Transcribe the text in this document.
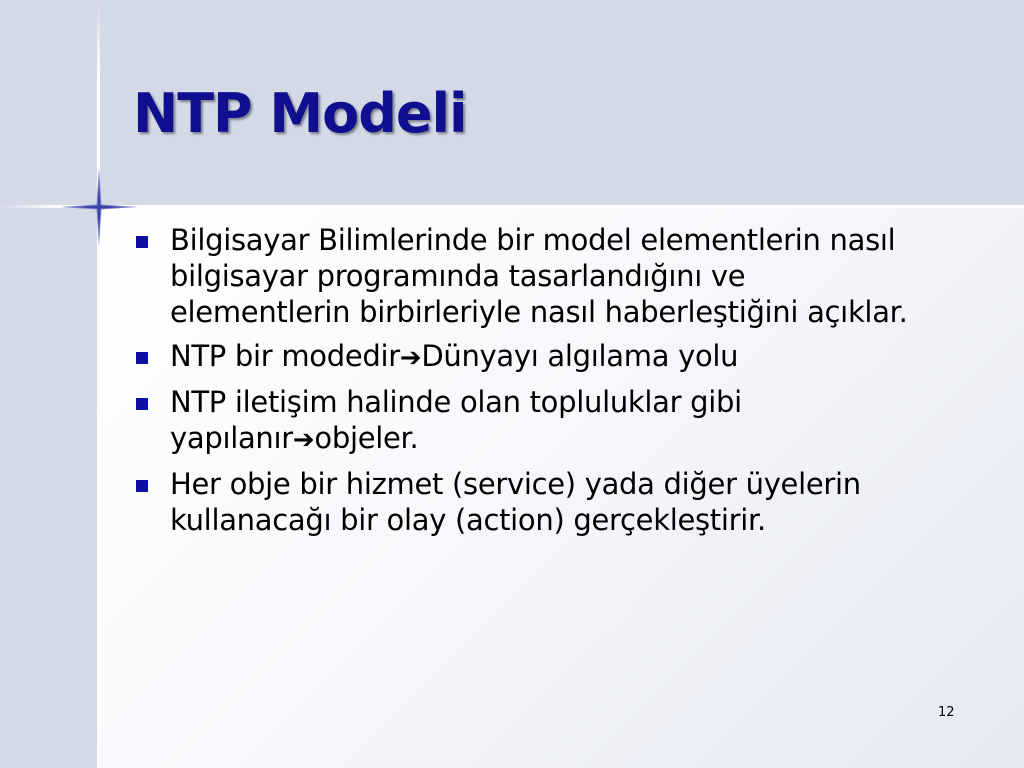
NTP Modeli
Bilgisayar Bilimlerinde bir model elementlerin nasıl bilgisayar programında tasarlandığını ve elementlerin birbirleriyle nasıl haberleştiğini açıklar.
NTP bir modedir➔Dünyayı algılama yolu
NTP iletişim halinde olan topluluklar gibi yapılanır➔objeler.
Her obje bir hizmet (service) yada diğer üyelerin kullanacağı bir olay (action) gerçekleştirir.
12
